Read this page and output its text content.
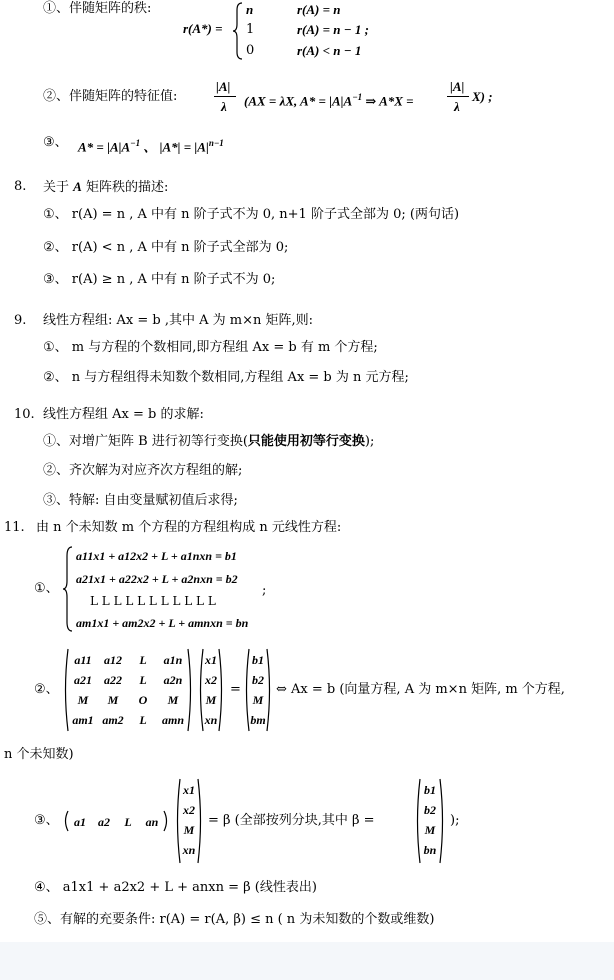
①、伴随矩阵的秩:
r(A*) =
n	r(A) = n
1	r(A) = n − 1 ;
0	r(A) < n − 1
②、伴随矩阵的特征值:
|A|
λ (AX = λX, $A* = |A|A^{-1}$ ⇒ A*X =
|A|
λ
X) ;
③、 $A* = |A|A^{-1}$ 、 $|A*| = |A|^{n-1}$
8. 关于 A 矩阵秩的描述:
①、 r(A) = n , A 中有 n 阶子式不为 0, n+1 阶子式全部为 0; (两句话)
②、 r(A) < n , A 中有 n 阶子式全部为 0;
③、 r(A) ≥ n , A 中有 n 阶子式不为 0;
9. 线性方程组: Ax = b ,其中 A 为 m×n 矩阵,则:
①、 m 与方程的个数相同,即方程组 Ax = b 有 m 个方程;
②、 n 与方程组得未知数个数相同,方程组 Ax = b 为 n 元方程;
10. 线性方程组 Ax = b 的求解:
①、对增广矩阵 B 进行初等行变换(只能使用初等行变换);
②、齐次解为对应齐次方程组的解;
③、特解: 自由变量赋初值后求得;
11. 由 n 个未知数 m 个方程的方程组构成 n 元线性方程:
①、
a11x1 + a12x2 + L + a1nxn = b1
a21x1 + a22x2 + L + a2nxn = b2
L L L L L L L L L L L
am1x1 + am2x2 + L + amnxn = bn
;
②、
a11	a12	L	a1n
a21	a22	L	a2n
M	M	O	M
am1 am2	L	amn
x1
x2
M
xn
=
b1
b2
M
bm
⇔ Ax = b (向量方程, A 为 m×n 矩阵, m 个方程,
n 个未知数)
③、	a1	a2	L	an
x1
x2
M
xn
= β (全部按列分块,其中 β =
b1
b2
M
bn
);
④、 a1x1 + a2x2 + L + anxn = β (线性表出)
⑤、有解的充要条件: r(A) = r(A, β) ≤ n ( n 为未知数的个数或维数)
